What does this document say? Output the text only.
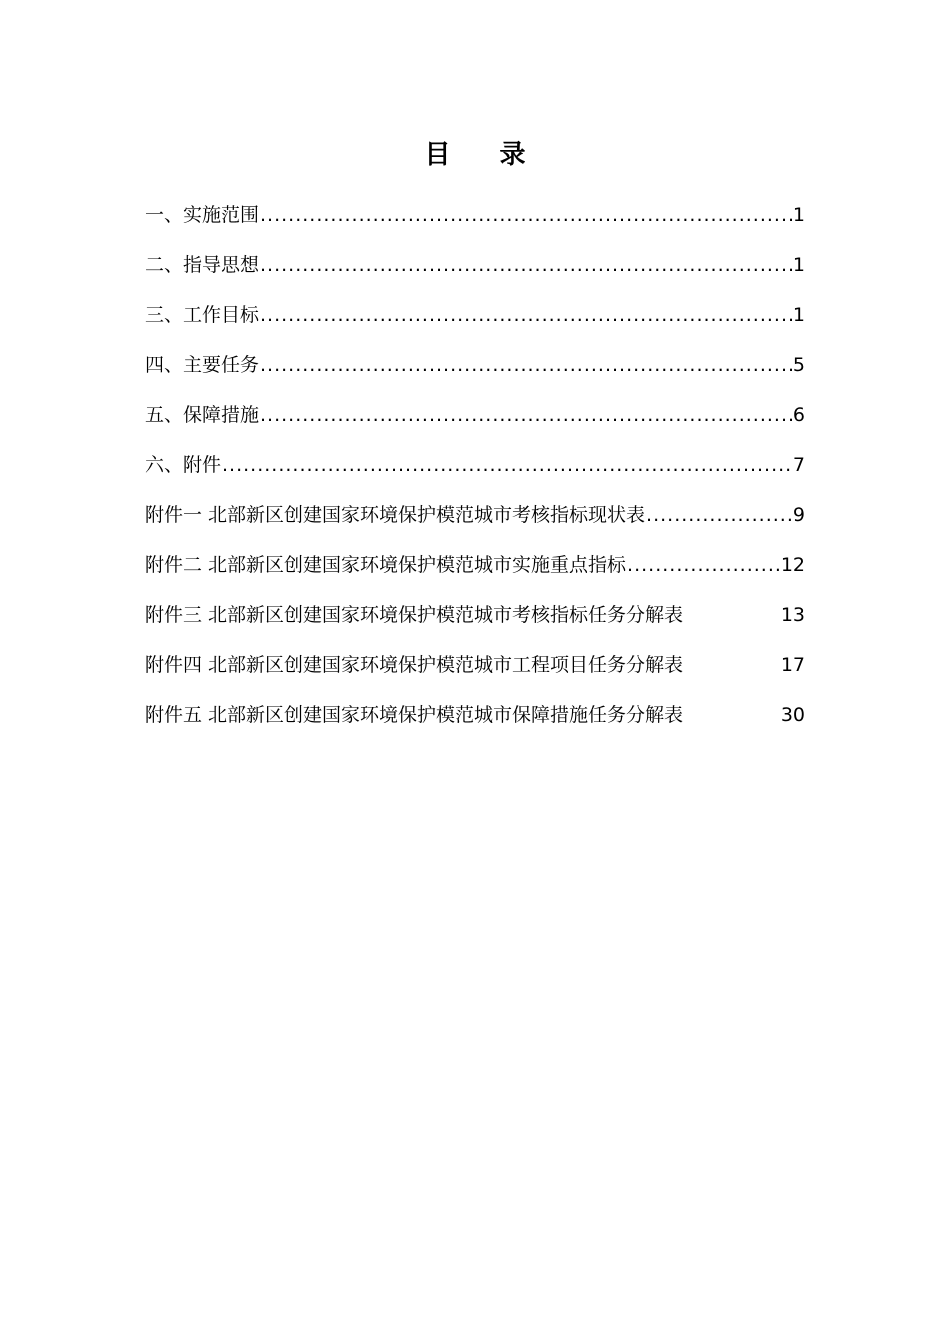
目 录
一、实施范围 .....	1
二、指导思想 .....	1
三、工作目标 .....	1
四、主要任务 .....	5
五、保障措施 .....	6
六、附件 .....	7
附件一 北部新区创建国家环境保护模范城市考核指标现状表 .....	9
附件二 北部新区创建国家环境保护模范城市实施重点指标 .....	12
附件三 北部新区创建国家环境保护模范城市考核指标任务分解表	13
附件四 北部新区创建国家环境保护模范城市工程项目任务分解表	17
附件五 北部新区创建国家环境保护模范城市保障措施任务分解表	30
